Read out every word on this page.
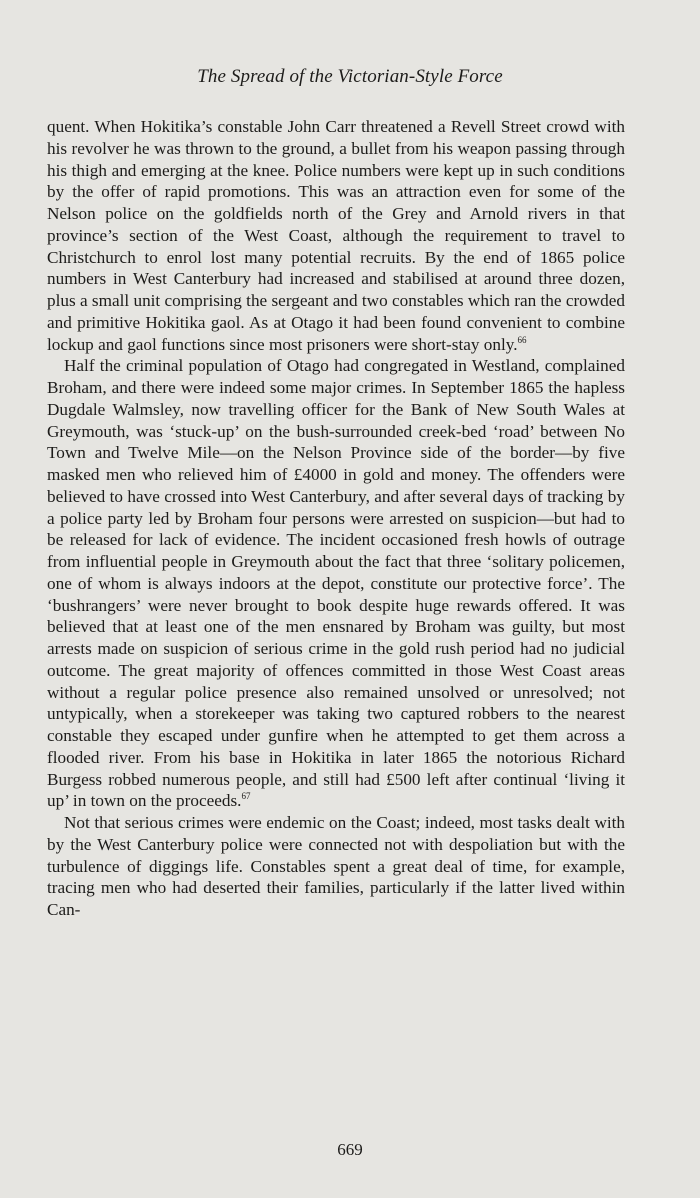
The Spread of the Victorian-Style Force

quent. When Hokitika’s constable John Carr threatened a Revell Street crowd with his revolver he was thrown to the ground, a bullet from his weapon passing through his thigh and emerging at the knee. Police numbers were kept up in such conditions by the offer of rapid promotions. This was an attraction even for some of the Nelson police on the goldfields north of the Grey and Arnold rivers in that province’s section of the West Coast, although the requirement to travel to Christchurch to enrol lost many potential recruits. By the end of 1865 police numbers in West Canterbury had increased and stabilised at around three dozen, plus a small unit comprising the sergeant and two constables which ran the crowded and primitive Hokitika gaol. As at Otago it had been found convenient to combine lockup and gaol functions since most prisoners were short-stay only.$^{66}$

Half the criminal population of Otago had congregated in Westland, complained Broham, and there were indeed some major crimes. In September 1865 the hapless Dugdale Walmsley, now travelling officer for the Bank of New South Wales at Greymouth, was ‘stuck-up’ on the bush-surrounded creek-bed ‘road’ between No Town and Twelve Mile—on the Nelson Province side of the border—by five masked men who relieved him of £4000 in gold and money. The offenders were believed to have crossed into West Canterbury, and after several days of tracking by a police party led by Broham four persons were arrested on suspicion—but had to be released for lack of evidence. The incident occasioned fresh howls of outrage from influential people in Greymouth about the fact that three ‘solitary policemen, one of whom is always indoors at the depot, constitute our protective force’. The ‘bushrangers’ were never brought to book despite huge rewards offered. It was believed that at least one of the men ensnared by Broham was guilty, but most arrests made on suspicion of serious crime in the gold rush period had no judicial outcome. The great majority of offences committed in those West Coast areas without a regular police presence also remained unsolved or unresolved; not untypically, when a storekeeper was taking two captured robbers to the nearest constable they escaped under gunfire when he attempted to get them across a flooded river. From his base in Hokitika in later 1865 the notorious Richard Burgess robbed numerous people, and still had £500 left after continual ‘living it up’ in town on the proceeds.$^{67}$

Not that serious crimes were endemic on the Coast; indeed, most tasks dealt with by the West Canterbury police were connected not with despoliation but with the turbulence of diggings life. Constables spent a great deal of time, for example, tracing men who had deserted their families, particularly if the latter lived within Can-

669
